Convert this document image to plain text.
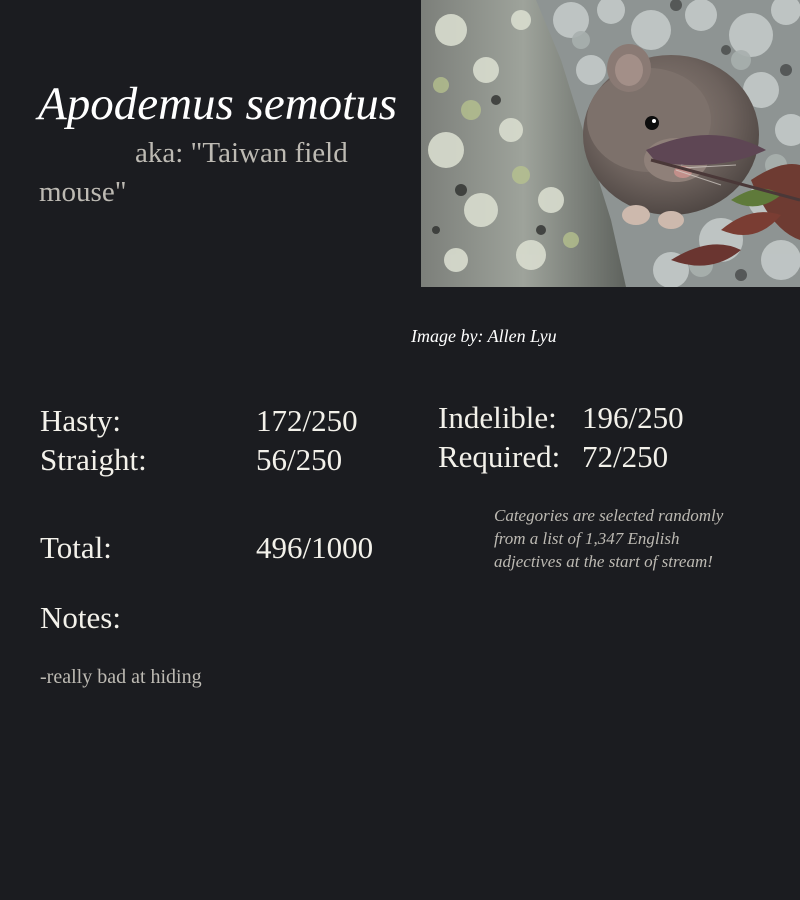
Apodemus semotus
aka: "Taiwan field mouse"
Image by: Allen Lyu
Hasty:	172/250
Straight:	56/250
Total:	496/1000
Indelible: 196/250
Required: 72/250
Categories are selected randomly from a list of 1,347 English adjectives at the start of stream!
Notes:
-really bad at hiding
